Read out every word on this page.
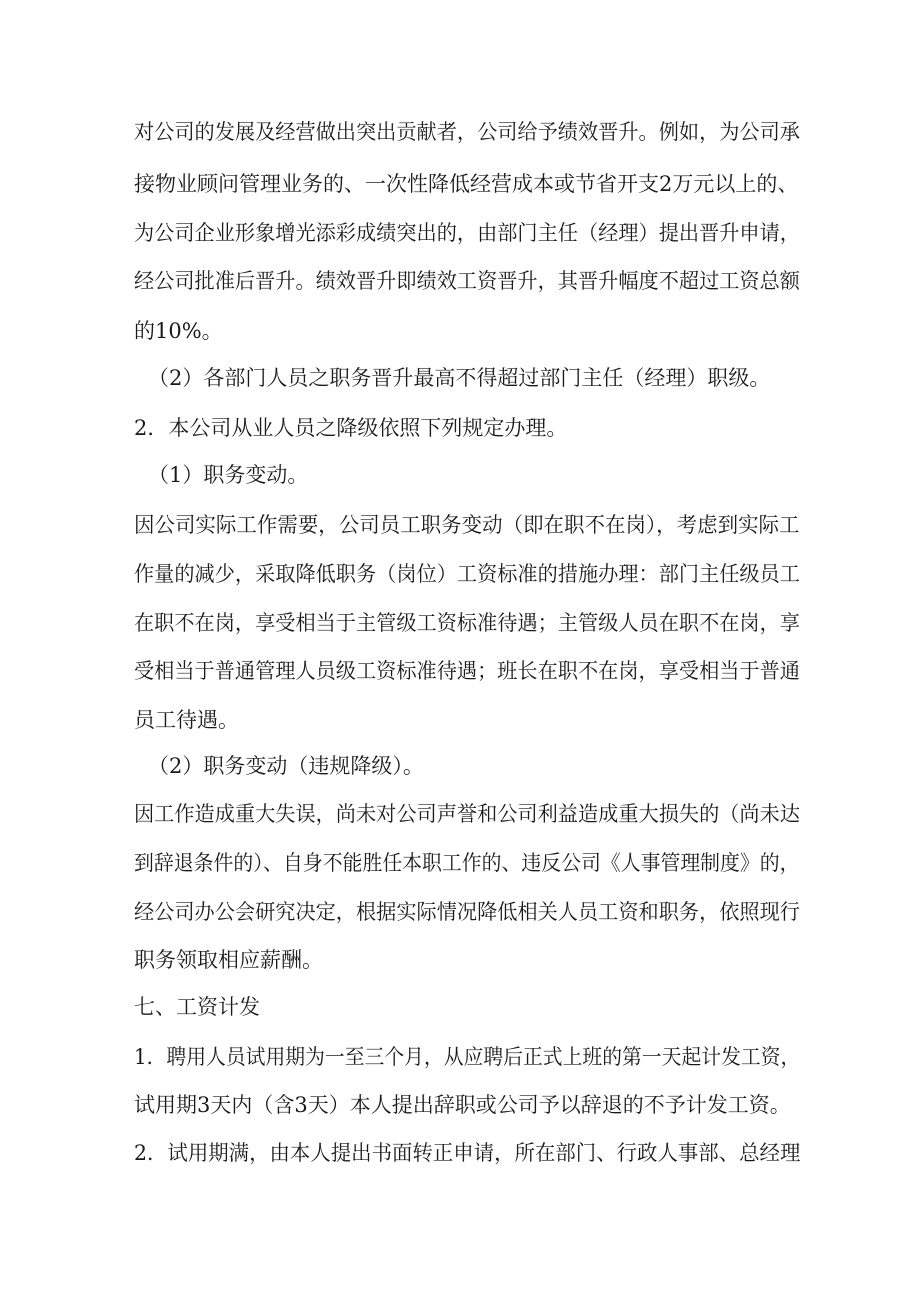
对公司的发展及经营做出突出贡献者，公司给予绩效晋升。例如，为公司承
接物业顾问管理业务的、一次性降低经营成本或节省开支2万元以上的、
为公司企业形象增光添彩成绩突出的，由部门主任（经理）提出晋升申请，
经公司批准后晋升。绩效晋升即绩效工资晋升，其晋升幅度不超过工资总额
的10%。
（2）各部门人员之职务晋升最高不得超过部门主任（经理）职级。
2．本公司从业人员之降级依照下列规定办理。
（1）职务变动。
因公司实际工作需要，公司员工职务变动（即在职不在岗），考虑到实际工
作量的减少，采取降低职务（岗位）工资标准的措施办理：部门主任级员工
在职不在岗，享受相当于主管级工资标准待遇；主管级人员在职不在岗，享
受相当于普通管理人员级工资标准待遇；班长在职不在岗，享受相当于普通
员工待遇。
（2）职务变动（违规降级）。
因工作造成重大失误，尚未对公司声誉和公司利益造成重大损失的（尚未达
到辞退条件的）、自身不能胜任本职工作的、违反公司《人事管理制度》的，
经公司办公会研究决定，根据实际情况降低相关人员工资和职务，依照现行
职务领取相应薪酬。
七、工资计发
1．聘用人员试用期为一至三个月，从应聘后正式上班的第一天起计发工资，
试用期3天内（含3天）本人提出辞职或公司予以辞退的不予计发工资。
2．试用期满，由本人提出书面转正申请，所在部门、行政人事部、总经理
